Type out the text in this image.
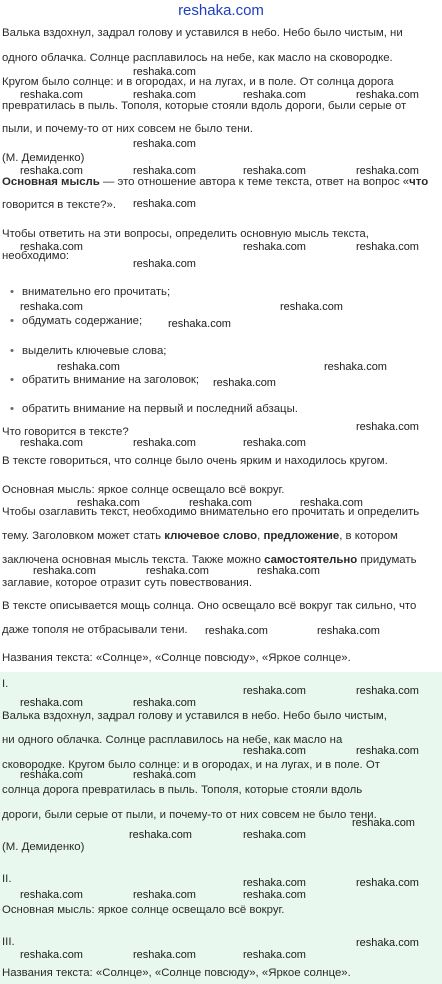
reshaka.com
Валька вздохнул, задрал голову и уставился в небо. Небо было чистым, ни
одного облачка. Солнце расплавилось на небе, как масло на сковородке.
Кругом было солнце: и в огородах, и на лугах, и в поле. От солнца дорога
превратилась в пыль. Тополя, которые стояли вдоль дороги, были серые от
пыли, и почему-то от них совсем не было тени.
(М. Демиденко)
Основная мысль — это отношение автора к теме текста, ответ на вопрос «что
говорится в тексте?».
Чтобы ответить на эти вопросы, определить основную мысль текста,
необходимо:
• внимательно его прочитать;
• обдумать содержание;
• выделить ключевые слова;
• обратить внимание на заголовок;
• обратить внимание на первый и последний абзацы.
Что говорится в тексте?
В тексте говориться, что солнце было очень ярким и находилось кругом.
Основная мысль: яркое солнце освещало всё вокруг.
Чтобы озаглавить текст, необходимо внимательно его прочитать и определить
тему. Заголовком может стать ключевое слово, предложение, в котором
заключена основная мысль текста. Также можно самостоятельно придумать
заглавие, которое отразит суть повествования.
В тексте описывается мощь солнца. Оно освещало всё вокруг так сильно, что
даже тополя не отбрасывали тени.
Названия текста: «Солнце», «Солнце повсюду», «Яркое солнце».
I.
Валька вздохнул, задрал голову и уставился в небо. Небо было чистым,
ни одного облачка. Солнце расплавилось на небе, как масло на
сковородке. Кругом было солнце: и в огородах, и на лугах, и в поле. От
солнца дорога превратилась в пыль. Тополя, которые стояли вдоль
дороги, были серые от пыли, и почему-то от них совсем не было тени.
(М. Демиденко)
II.
Основная мысль: яркое солнце освещало всё вокруг.
III.
Названия текста: «Солнце», «Солнце повсюду», «Яркое солнце».
reshaka.com
reshaka.com	reshaka.com	reshaka.com	reshaka.com
reshaka.com
reshaka.com	reshaka.com	reshaka.com	reshaka.com
reshaka.com
reshaka.com	reshaka.com	reshaka.com
reshaka.com
reshaka.com	reshaka.com
reshaka.com
reshaka.com	reshaka.com
reshaka.com
reshaka.com
reshaka.com	reshaka.com	reshaka.com
reshaka.com	reshaka.com	reshaka.com
reshaka.com	reshaka.com	reshaka.com
reshaka.com	reshaka.com
reshaka.com	reshaka.com
reshaka.com	reshaka.com
reshaka.com	reshaka.com
reshaka.com	reshaka.com
reshaka.com
reshaka.com	reshaka.com
reshaka.com	reshaka.com
reshaka.com	reshaka.com	reshaka.com
reshaka.com
reshaka.com	reshaka.com	reshaka.com
